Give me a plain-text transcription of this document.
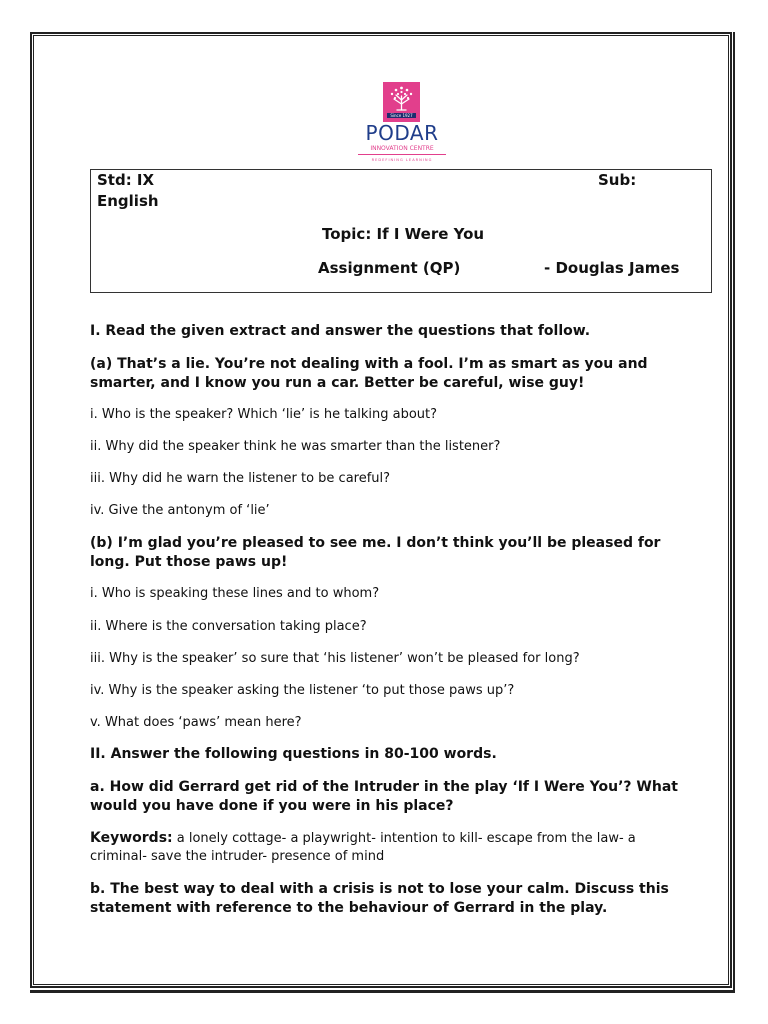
Since 1927
PODAR
INNOVATION CENTRE
REDEFINING LEARNING
Std: IX	Sub:
English
Topic: If I Were You
Assignment (QP)	- Douglas James
I. Read the given extract and answer the questions that follow.
(a) That’s a lie. You’re not dealing with a fool. I’m as smart as you and
smarter, and I know you run a car. Better be careful, wise guy!
i. Who is the speaker? Which ‘lie’ is he talking about?
ii. Why did the speaker think he was smarter than the listener?
iii. Why did he warn the listener to be careful?
iv. Give the antonym of ‘lie’
(b) I’m glad you’re pleased to see me. I don’t think you’ll be pleased for
long. Put those paws up!
i. Who is speaking these lines and to whom?
ii. Where is the conversation taking place?
iii. Why is the speaker’ so sure that ‘his listener’ won’t be pleased for long?
iv. Why is the speaker asking the listener ‘to put those paws up’?
v. What does ‘paws’ mean here?
II. Answer the following questions in 80-100 words.
a. How did Gerrard get rid of the Intruder in the play ‘If I Were You’? What
would you have done if you were in his place?
Keywords: a lonely cottage- a playwright- intention to kill- escape from the law- a
criminal- save the intruder- presence of mind
b. The best way to deal with a crisis is not to lose your calm. Discuss this
statement with reference to the behaviour of Gerrard in the play.
